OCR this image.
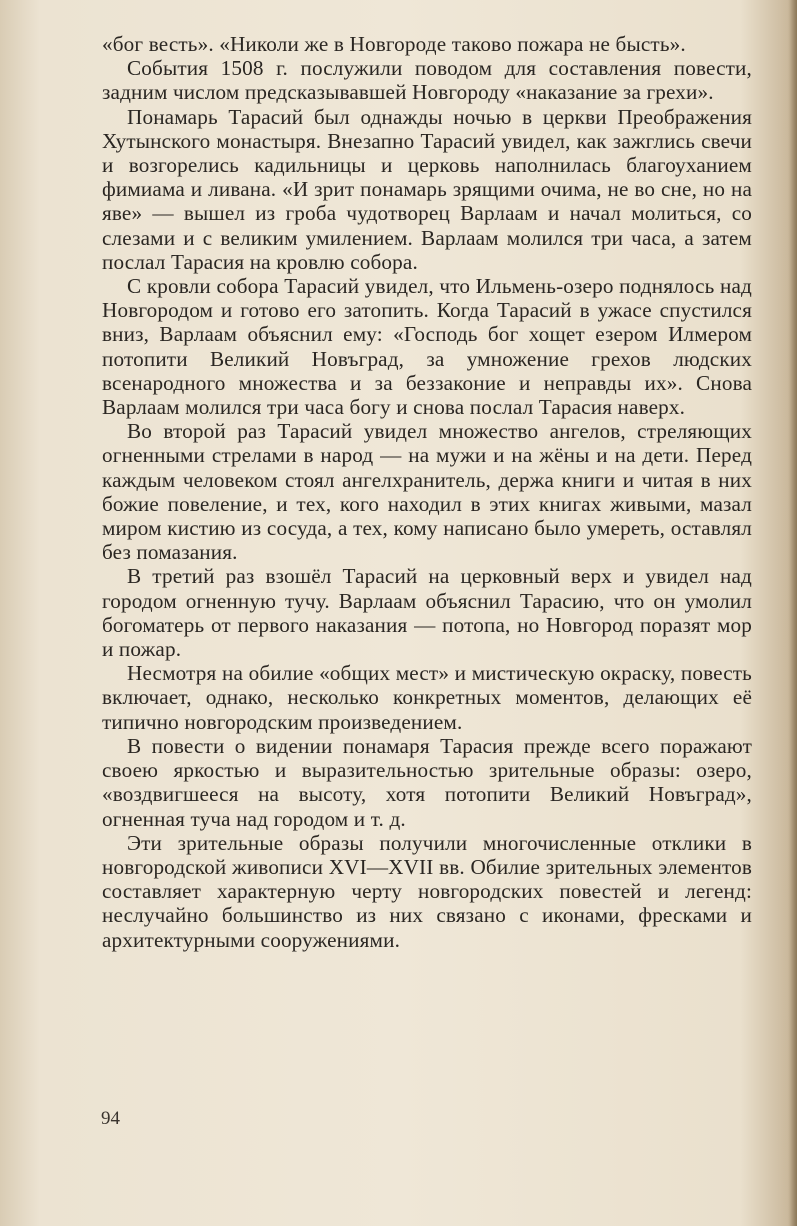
«бог весть». «Николи же в Новгороде таково пожара не бысть».

События 1508 г. послужили поводом для составления повести, задним числом предсказывавшей Новгороду «наказание за грехи».

Понамарь Тарасий был однажды ночью в церкви Преображения Хутынского монастыря. Внезапно Тарасий увидел, как зажглись свечи и возгорелись кадильницы и церковь наполнилась благоуханием фимиама и ливана. «И зрит понамарь зрящими очима, не во сне, но на яве» — вышел из гроба чудотворец Варлаам и начал молиться, со слезами и с великим умилением. Варлаам молился три часа, а затем послал Тарасия на кровлю собора.

С кровли собора Тарасий увидел, что Ильмень-озеро поднялось над Новгородом и готово его затопить. Когда Тарасий в ужасе спустился вниз, Варлаам объяснил ему: «Господь бог хощет езером Илмером потопити Великий Новъград, за умножение грехов людских всенародного множества и за беззаконие и неправды их». Снова Варлаам молился три часа богу и снова послал Тарасия наверх.

Во второй раз Тарасий увидел множество ангелов, стреляющих огненными стрелами в народ — на мужи и на жёны и на дети. Перед каждым человеком стоял ангелхранитель, держа книги и читая в них божие повеление, и тех, кого находил в этих книгах живыми, мазал миром кистию из сосуда, а тех, кому написано было умереть, оставлял без помазания.

В третий раз взошёл Тарасий на церковный верх и увидел над городом огненную тучу. Варлаам объяснил Тарасию, что он умолил богоматерь от первого наказания — потопа, но Новгород поразят мор и пожар.

Несмотря на обилие «общих мест» и мистическую окраску, повесть включает, однако, несколько конкретных моментов, делающих её типично новгородским произведением.

В повести о видении понамаря Тарасия прежде всего поражают своею яркостью и выразительностью зрительные образы: озеро, «воздвигшееся на высоту, хотя потопити Великий Новъград», огненная туча над городом и т. д.

Эти зрительные образы получили многочисленные отклики в новгородской живописи XVI—XVII вв. Обилие зрительных элементов составляет характерную черту новгородских повестей и легенд: неслучайно большинство из них связано с иконами, фресками и архитектурными сооружениями.

94
